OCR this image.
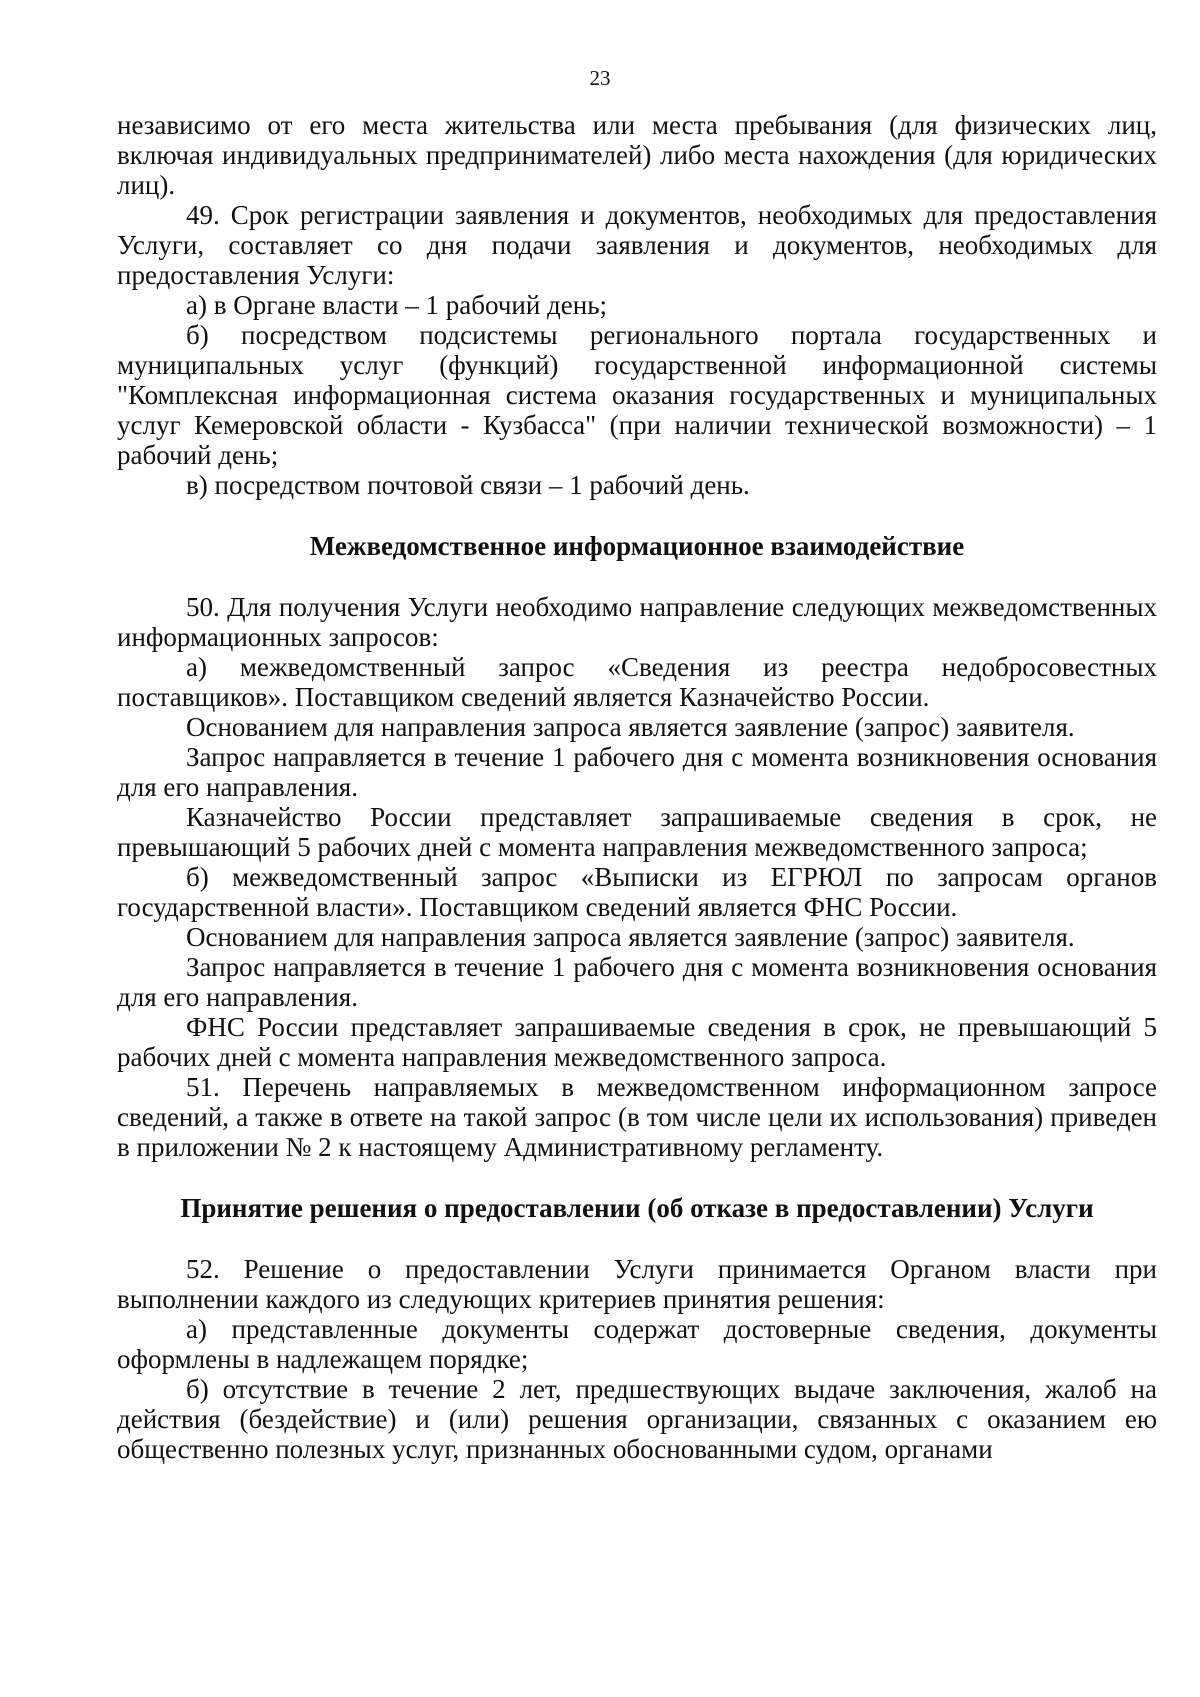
23

независимо от его места жительства или места пребывания (для физических лиц, включая индивидуальных предпринимателей) либо места нахождения (для юридических лиц).

49. Срок регистрации заявления и документов, необходимых для предоставления Услуги, составляет со дня подачи заявления и документов, необходимых для предоставления Услуги:

а) в Органе власти – 1 рабочий день;

б) посредством подсистемы регионального портала государственных и муниципальных услуг (функций) государственной информационной системы "Комплексная информационная система оказания государственных и муниципальных услуг Кемеровской области - Кузбасса" (при наличии технической возможности) – 1 рабочий день;

в) посредством почтовой связи – 1 рабочий день.

Межведомственное информационное взаимодействие

50. Для получения Услуги необходимо направление следующих межведомственных информационных запросов:

а) межведомственный запрос «Сведения из реестра недобросовестных поставщиков». Поставщиком сведений является Казначейство России.

Основанием для направления запроса является заявление (запрос) заявителя.

Запрос направляется в течение 1 рабочего дня с момента возникновения основания для его направления.

Казначейство России представляет запрашиваемые сведения в срок, не превышающий 5 рабочих дней с момента направления межведомственного запроса;

б) межведомственный запрос «Выписки из ЕГРЮЛ по запросам органов государственной власти». Поставщиком сведений является ФНС России.

Основанием для направления запроса является заявление (запрос) заявителя.

Запрос направляется в течение 1 рабочего дня с момента возникновения основания для его направления.

ФНС России представляет запрашиваемые сведения в срок, не превышающий 5 рабочих дней с момента направления межведомственного запроса.

51. Перечень направляемых в межведомственном информационном запросе сведений, а также в ответе на такой запрос (в том числе цели их использования) приведен в приложении № 2 к настоящему Административному регламенту.

Принятие решения о предоставлении (об отказе в предоставлении) Услуги

52. Решение о предоставлении Услуги принимается Органом власти при выполнении каждого из следующих критериев принятия решения:

а) представленные документы содержат достоверные сведения, документы оформлены в надлежащем порядке;

б) отсутствие в течение 2 лет, предшествующих выдаче заключения, жалоб на действия (бездействие) и (или) решения организации, связанных с оказанием ею общественно полезных услуг, признанных обоснованными судом, органами
